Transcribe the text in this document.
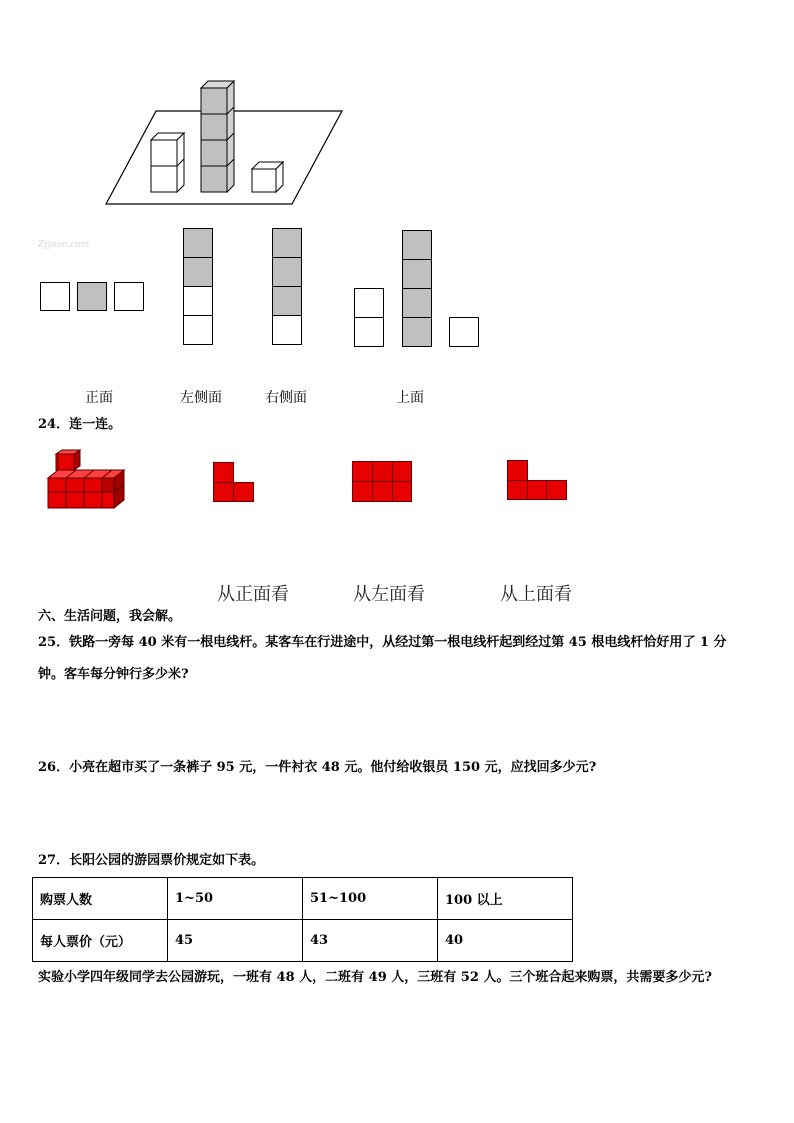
Zjysoo.com
正面	左侧面	右侧面	上面
24．连一连。
从正面看	从左面看	从上面看
六、生活问题，我会解。
25．铁路一旁每 40 米有一根电线杆。某客车在行进途中，从经过第一根电线杆起到经过第 45 根电线杆恰好用了 1 分
钟。客车每分钟行多少米?
26．小亮在超市买了一条裤子 95 元，一件衬衣 48 元。他付给收银员 150 元，应找回多少元?
27．长阳公园的游园票价规定如下表。
购票人数	1~50	51~100	100 以上
每人票价（元）	45	43	40
实验小学四年级同学去公园游玩，一班有 48 人，二班有 49 人，三班有 52 人。三个班合起来购票，共需要多少元?
